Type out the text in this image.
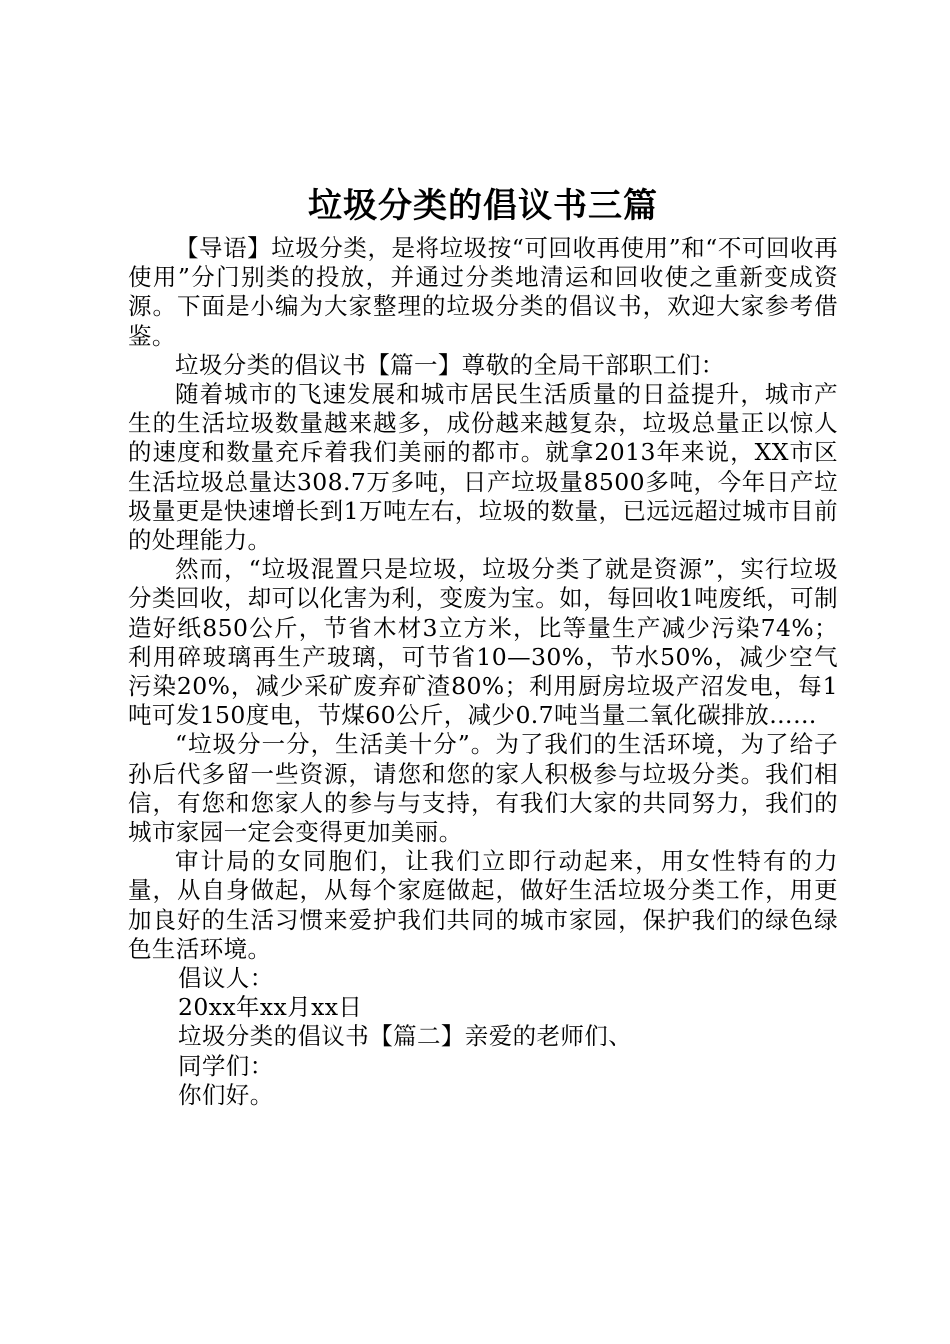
垃圾分类的倡议书三篇

【导语】垃圾分类，是将垃圾按“可回收再使用”和“不可回收再使用”分门别类的投放，并通过分类地清运和回收使之重新变成资源。下面是小编为大家整理的垃圾分类的倡议书，欢迎大家参考借鉴。

垃圾分类的倡议书【篇一】尊敬的全局干部职工们：

随着城市的飞速发展和城市居民生活质量的日益提升，城市产生的生活垃圾数量越来越多，成份越来越复杂，垃圾总量正以惊人的速度和数量充斥着我们美丽的都市。就拿2013年来说，XX市区生活垃圾总量达308.7万多吨，日产垃圾量8500多吨，今年日产垃圾量更是快速增长到1万吨左右，垃圾的数量，已远远超过城市目前的处理能力。

然而，“垃圾混置只是垃圾，垃圾分类了就是资源”，实行垃圾分类回收，却可以化害为利，变废为宝。如，每回收1吨废纸，可制造好纸850公斤，节省木材3立方米，比等量生产减少污染74%；利用碎玻璃再生产玻璃，可节省10—30%，节水50%，减少空气污染20%，减少采矿废弃矿渣80%；利用厨房垃圾产沼发电，每1吨可发150度电，节煤60公斤，减少0.7吨当量二氧化碳排放……

“垃圾分一分，生活美十分”。为了我们的生活环境，为了给子孙后代多留一些资源，请您和您的家人积极参与垃圾分类。我们相信，有您和您家人的参与与支持，有我们大家的共同努力，我们的城市家园一定会变得更加美丽。

审计局的女同胞们，让我们立即行动起来，用女性特有的力量，从自身做起，从每个家庭做起，做好生活垃圾分类工作，用更加良好的生活习惯来爱护我们共同的城市家园，保护我们的绿色绿色生活环境。

倡议人：

20xx年xx月xx日

垃圾分类的倡议书【篇二】亲爱的老师们、

同学们：

你们好。
